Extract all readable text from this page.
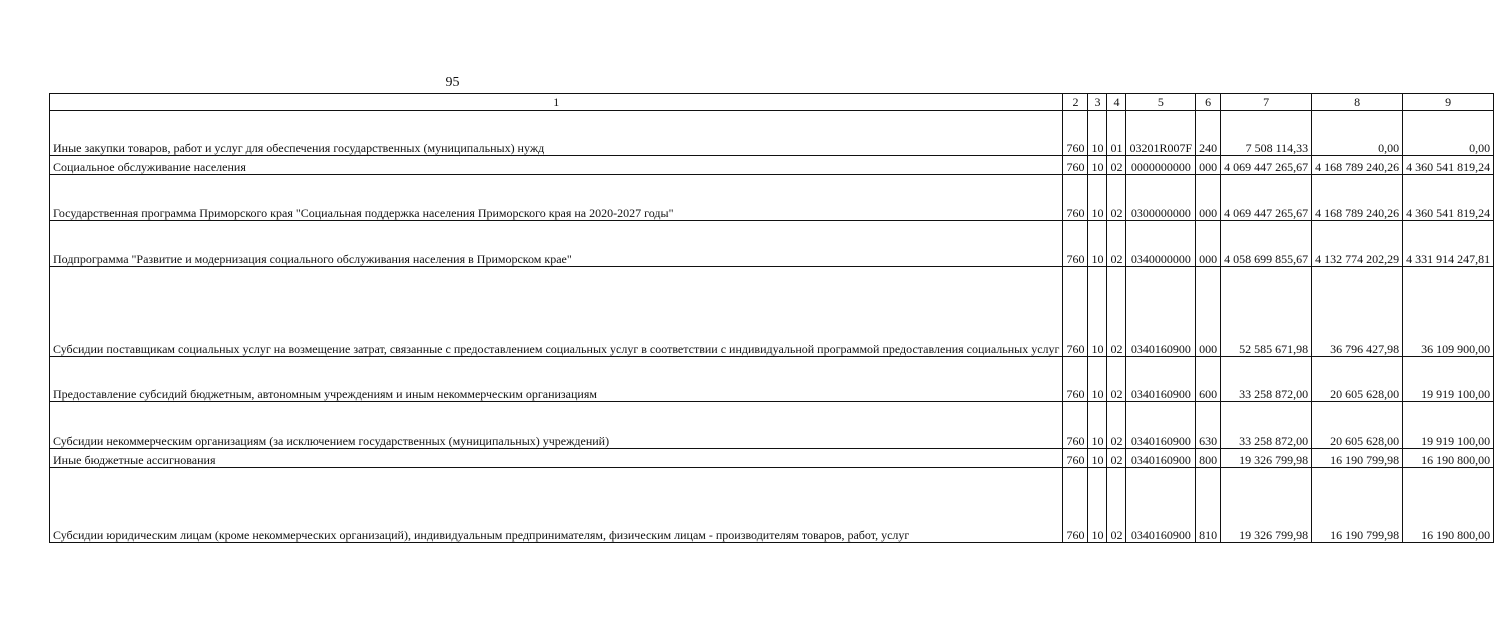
95
1	2	3	4	5	6	7	8	9
Иные закупки товаров, работ и услуг для обеспечения государственных (муниципальных) нужд	760	10	01	03201R007F	240	7 508 114,33	0,00	0,00
Социальное обслуживание населения	760	10	02	0000000000	000	4 069 447 265,67	4 168 789 240,26	4 360 541 819,24
Государственная программа Приморского края "Социальная поддержка населения Приморского края на 2020-2027 годы"	760	10	02	0300000000	000	4 069 447 265,67	4 168 789 240,26	4 360 541 819,24
Подпрограмма "Развитие и модернизация социального обслуживания населения в Приморском крае"	760	10	02	0340000000	000	4 058 699 855,67	4 132 774 202,29	4 331 914 247,81
Субсидии поставщикам социальных услуг на возмещение затрат, связанные с предоставлением социальных услуг в соответствии с индивидуальной программой предоставления социальных услуг	760	10	02	0340160900	000	52 585 671,98	36 796 427,98	36 109 900,00
Предоставление субсидий бюджетным, автономным учреждениям и иным некоммерческим организациям	760	10	02	0340160900	600	33 258 872,00	20 605 628,00	19 919 100,00
Субсидии некоммерческим организациям (за исключением государственных (муниципальных) учреждений)	760	10	02	0340160900	630	33 258 872,00	20 605 628,00	19 919 100,00
Иные бюджетные ассигнования	760	10	02	0340160900	800	19 326 799,98	16 190 799,98	16 190 800,00
Субсидии юридическим лицам (кроме некоммерческих организаций), индивидуальным предпринимателям, физическим лицам - производителям товаров, работ, услуг	760	10	02	0340160900	810	19 326 799,98	16 190 799,98	16 190 800,00
